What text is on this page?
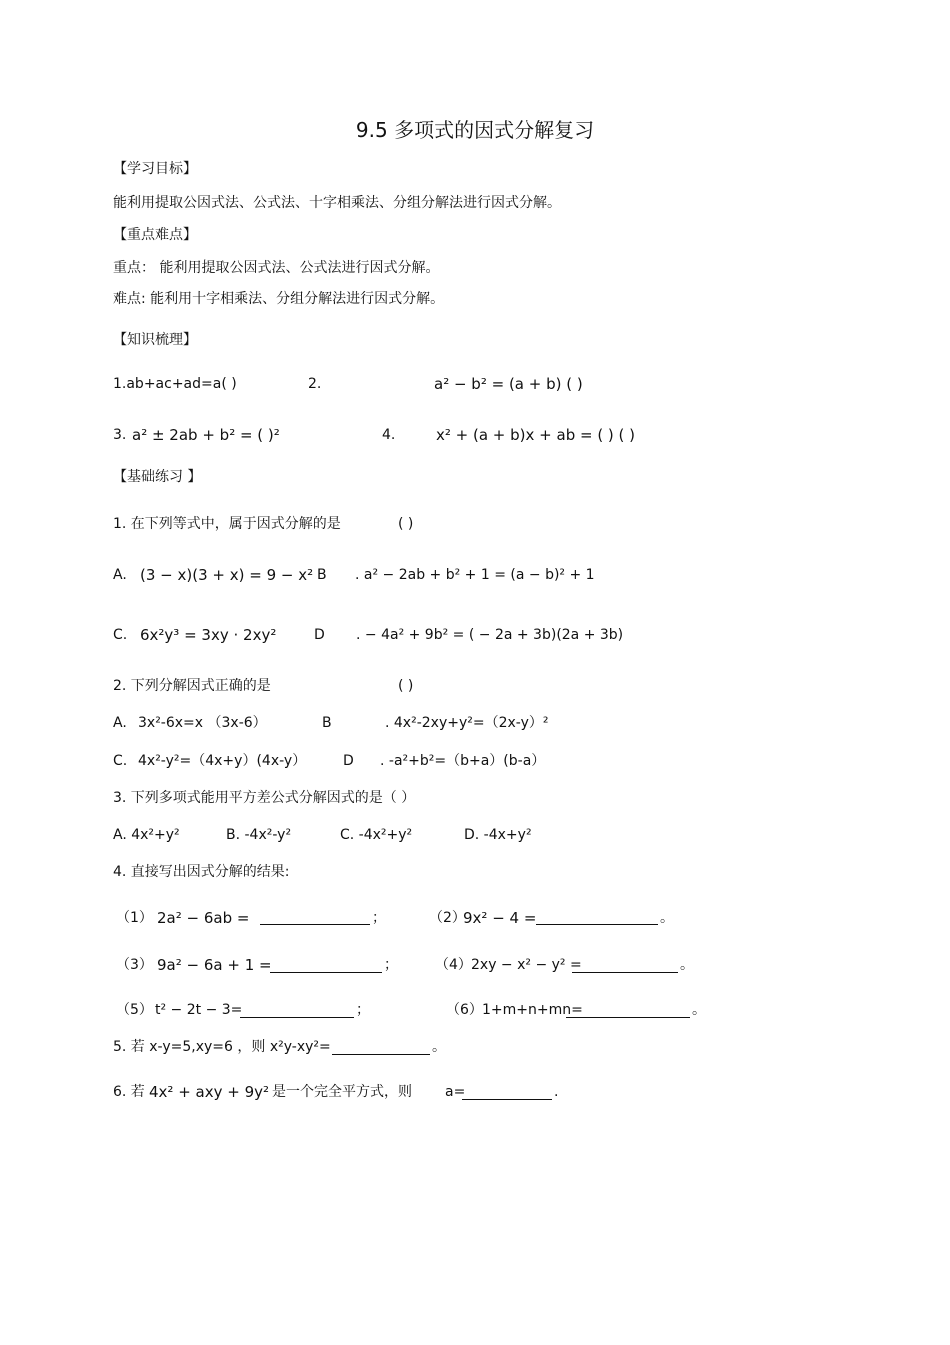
9.5 多项式的因式分解复习
【学习目标】
能利用提取公因式法、公式法、十字相乘法、分组分解法进行因式分解。
【重点难点】
重点： 能利用提取公因式法、公式法进行因式分解。
难点: 能利用十字相乘法、分组分解法进行因式分解。
【知识梳理】
1.ab+ac+ad=a( )	2.	a² − b² = (a + b) ( )
3. a² ± 2ab + b² = ( )²	4.	x² + (a + b)x + ab = ( ) ( )
【基础练习 】
1. 在下列等式中，属于因式分解的是	( )
A. (3 − x)(3 + x) = 9 − x² B . a² − 2ab + b² + 1 = (a − b)² + 1
C. 6x²y³ = 3xy · 2xy²	D . − 4a² + 9b² = ( − 2a + 3b)(2a + 3b)
2. 下列分解因式正确的是	( )
A. 3x²-6x=x （3x-6）	B	. 4x²-2xy+y²=（2x-y）²
C. 4x²-y²=（4x+y）(4x-y）	D . -a²+b²=（b+a）(b-a）
3. 下列多项式能用平方差公式分解因式的是（ ）
A. 4x²+y²	B. -4x²-y²	C. -4x²+y²	D. -4x+y²
4. 直接写出因式分解的结果:
（1） 2a² − 6ab =	；	（2）
9x² − 4 =	。
（3） 9a² − 6a + 1 =	；	（4） 2xy − x² − y² =	。
（5） t² − 2t − 3=	；	（6） 1+m+n+mn=	。
5. 若 x-y=5,xy=6 ，则 x²y-xy²=	。
6. 若 4x² + axy + 9y² 是一个完全平方式，则 a=	.
